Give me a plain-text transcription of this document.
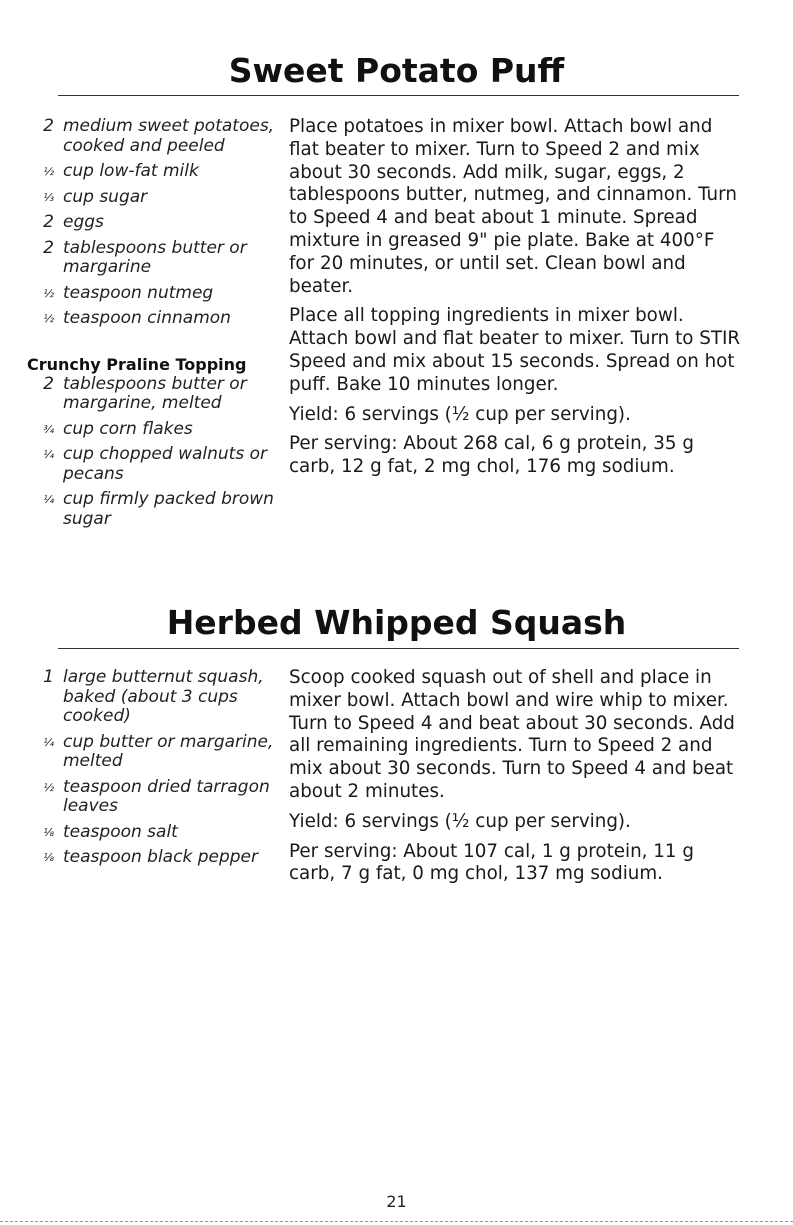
Sweet Potato Puff
2 medium sweet potatoes, cooked and peeled
½ cup low-fat milk
⅓ cup sugar
2 eggs
2 tablespoons butter or margarine
½ teaspoon nutmeg
½ teaspoon cinnamon
Crunchy Praline Topping
2 tablespoons butter or margarine, melted
¾ cup corn flakes
¼ cup chopped walnuts or pecans
¼ cup firmly packed brown sugar

Place potatoes in mixer bowl. Attach bowl and flat beater to mixer. Turn to Speed 2 and mix about 30 seconds. Add milk, sugar, eggs, 2 tablespoons butter, nutmeg, and cinnamon. Turn to Speed 4 and beat about 1 minute. Spread mixture in greased 9" pie plate. Bake at 400°F for 20 minutes, or until set. Clean bowl and beater.

Place all topping ingredients in mixer bowl. Attach bowl and flat beater to mixer. Turn to STIR Speed and mix about 15 seconds. Spread on hot puff. Bake 10 minutes longer.

Yield: 6 servings (½ cup per serving).

Per serving: About 268 cal, 6 g protein, 35 g carb, 12 g fat, 2 mg chol, 176 mg sodium.

Herbed Whipped Squash
1 large butternut squash, baked (about 3 cups cooked)
¼ cup butter or margarine, melted
½ teaspoon dried tarragon leaves
⅛ teaspoon salt
⅛ teaspoon black pepper

Scoop cooked squash out of shell and place in mixer bowl. Attach bowl and wire whip to mixer. Turn to Speed 4 and beat about 30 seconds. Add all remaining ingredients. Turn to Speed 2 and mix about 30 seconds. Turn to Speed 4 and beat about 2 minutes.

Yield: 6 servings (½ cup per serving).

Per serving: About 107 cal, 1 g protein, 11 g carb, 7 g fat, 0 mg chol, 137 mg sodium.

21
